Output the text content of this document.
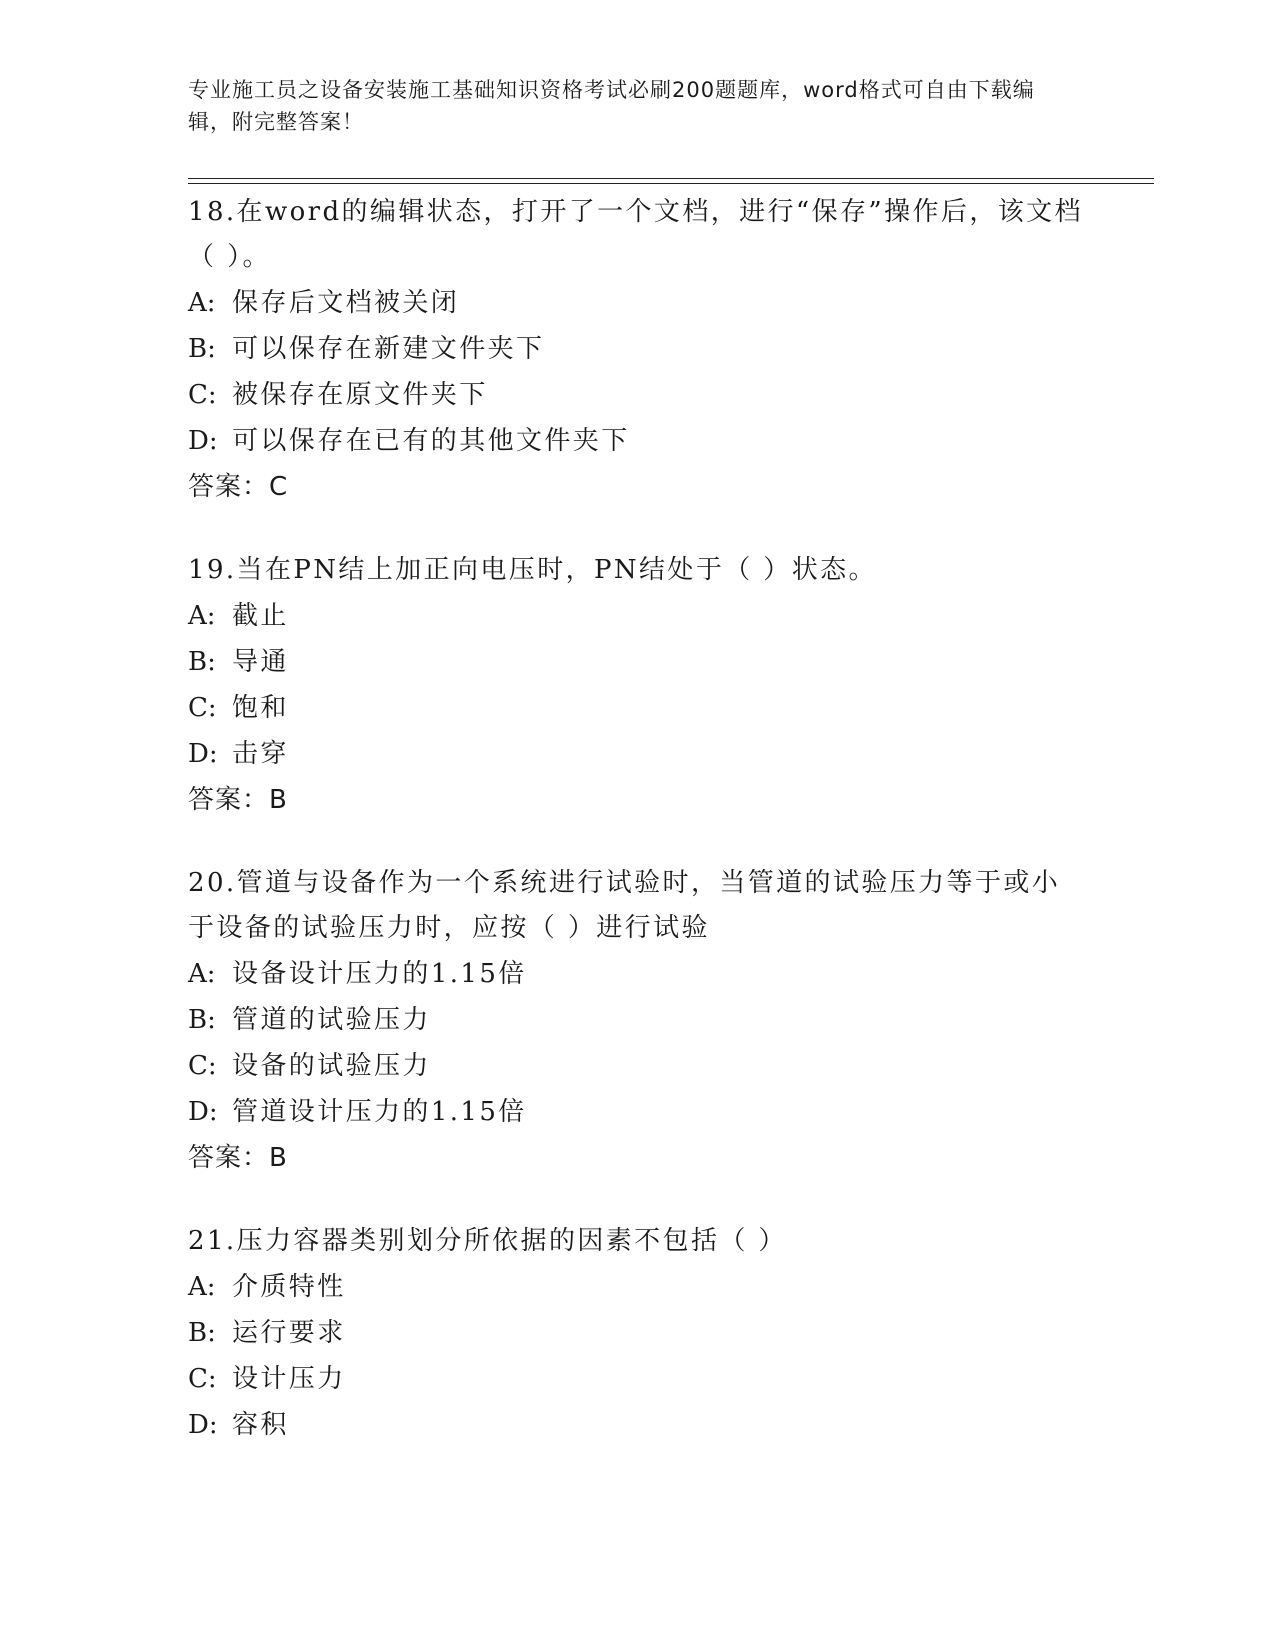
专业施工员之设备安装施工基础知识资格考试必刷200题题库，word格式可自由下载编辑，附完整答案！
18.在word的编辑状态，打开了一个文档，进行“保存”操作后，该文档（ ）。
A: 保存后文档被关闭
B: 可以保存在新建文件夹下
C: 被保存在原文件夹下
D: 可以保存在已有的其他文件夹下
答案：C
19.当在PN结上加正向电压时，PN结处于（ ）状态。
A: 截止
B: 导通
C: 饱和
D: 击穿
答案：B
20.管道与设备作为一个系统进行试验时，当管道的试验压力等于或小于设备的试验压力时，应按（ ）进行试验
A: 设备设计压力的1.15倍
B: 管道的试验压力
C: 设备的试验压力
D: 管道设计压力的1.15倍
答案：B
21.压力容器类别划分所依据的因素不包括（ ）
A: 介质特性
B: 运行要求
C: 设计压力
D: 容积
